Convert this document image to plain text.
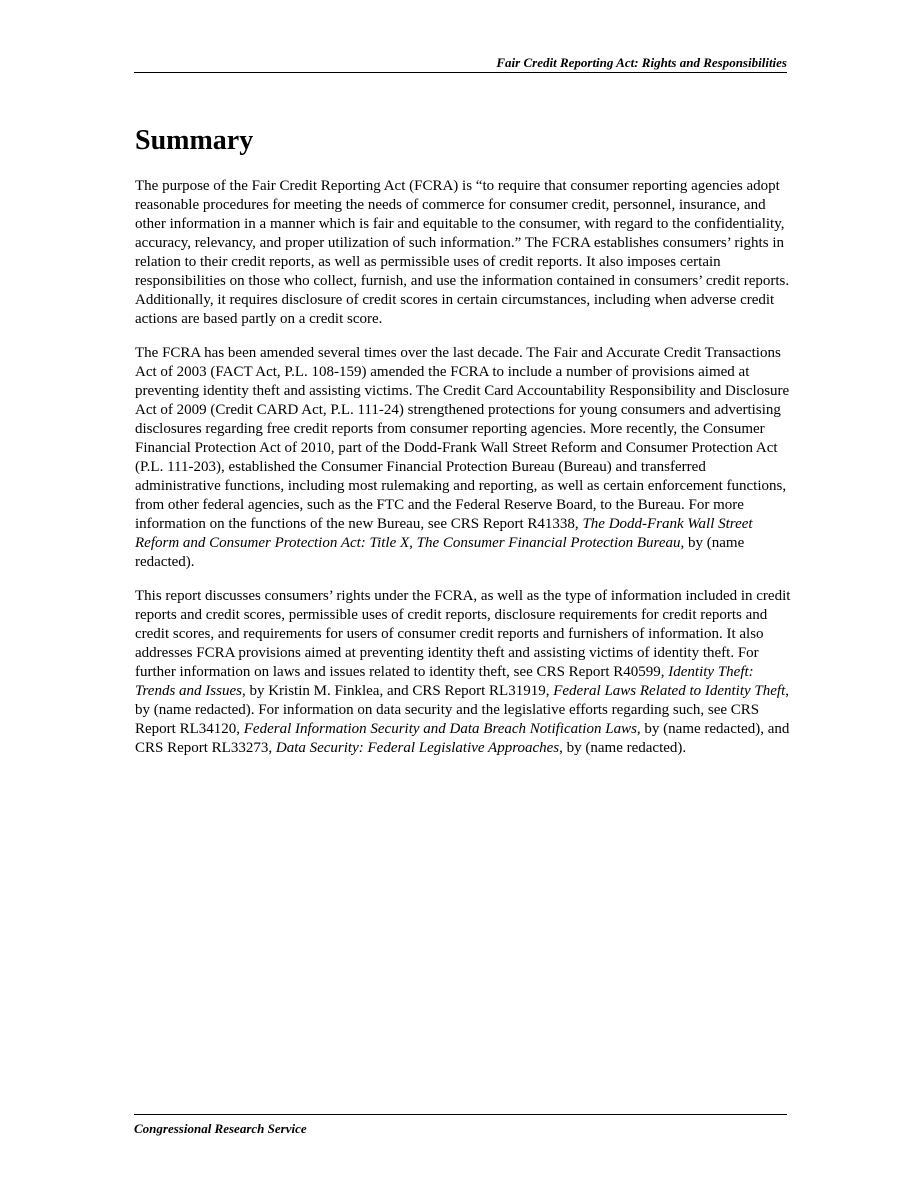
Fair Credit Reporting Act: Rights and Responsibilities
Summary

The purpose of the Fair Credit Reporting Act (FCRA) is “to require that consumer reporting agencies adopt reasonable procedures for meeting the needs of commerce for consumer credit, personnel, insurance, and other information in a manner which is fair and equitable to the consumer, with regard to the confidentiality, accuracy, relevancy, and proper utilization of such information.” The FCRA establishes consumers’ rights in relation to their credit reports, as well as permissible uses of credit reports. It also imposes certain responsibilities on those who collect, furnish, and use the information contained in consumers’ credit reports. Additionally, it requires disclosure of credit scores in certain circumstances, including when adverse credit actions are based partly on a credit score.

The FCRA has been amended several times over the last decade. The Fair and Accurate Credit Transactions Act of 2003 (FACT Act, P.L. 108-159) amended the FCRA to include a number of provisions aimed at preventing identity theft and assisting victims. The Credit Card Accountability Responsibility and Disclosure Act of 2009 (Credit CARD Act, P.L. 111-24) strengthened protections for young consumers and advertising disclosures regarding free credit reports from consumer reporting agencies. More recently, the Consumer Financial Protection Act of 2010, part of the Dodd-Frank Wall Street Reform and Consumer Protection Act (P.L. 111-203), established the Consumer Financial Protection Bureau (Bureau) and transferred administrative functions, including most rulemaking and reporting, as well as certain enforcement functions, from other federal agencies, such as the FTC and the Federal Reserve Board, to the Bureau. For more information on the functions of the new Bureau, see CRS Report R41338, The Dodd-Frank Wall Street Reform and Consumer Protection Act: Title X, The Consumer Financial Protection Bureau, by (name redacted).

This report discusses consumers’ rights under the FCRA, as well as the type of information included in credit reports and credit scores, permissible uses of credit reports, disclosure requirements for credit reports and credit scores, and requirements for users of consumer credit reports and furnishers of information. It also addresses FCRA provisions aimed at preventing identity theft and assisting victims of identity theft. For further information on laws and issues related to identity theft, see CRS Report R40599, Identity Theft: Trends and Issues, by Kristin M. Finklea, and CRS Report RL31919, Federal Laws Related to Identity Theft, by (name redacted). For information on data security and the legislative efforts regarding such, see CRS Report RL34120, Federal Information Security and Data Breach Notification Laws, by (name redacted), and CRS Report RL33273, Data Security: Federal Legislative Approaches, by (name redacted).

Congressional Research Service
